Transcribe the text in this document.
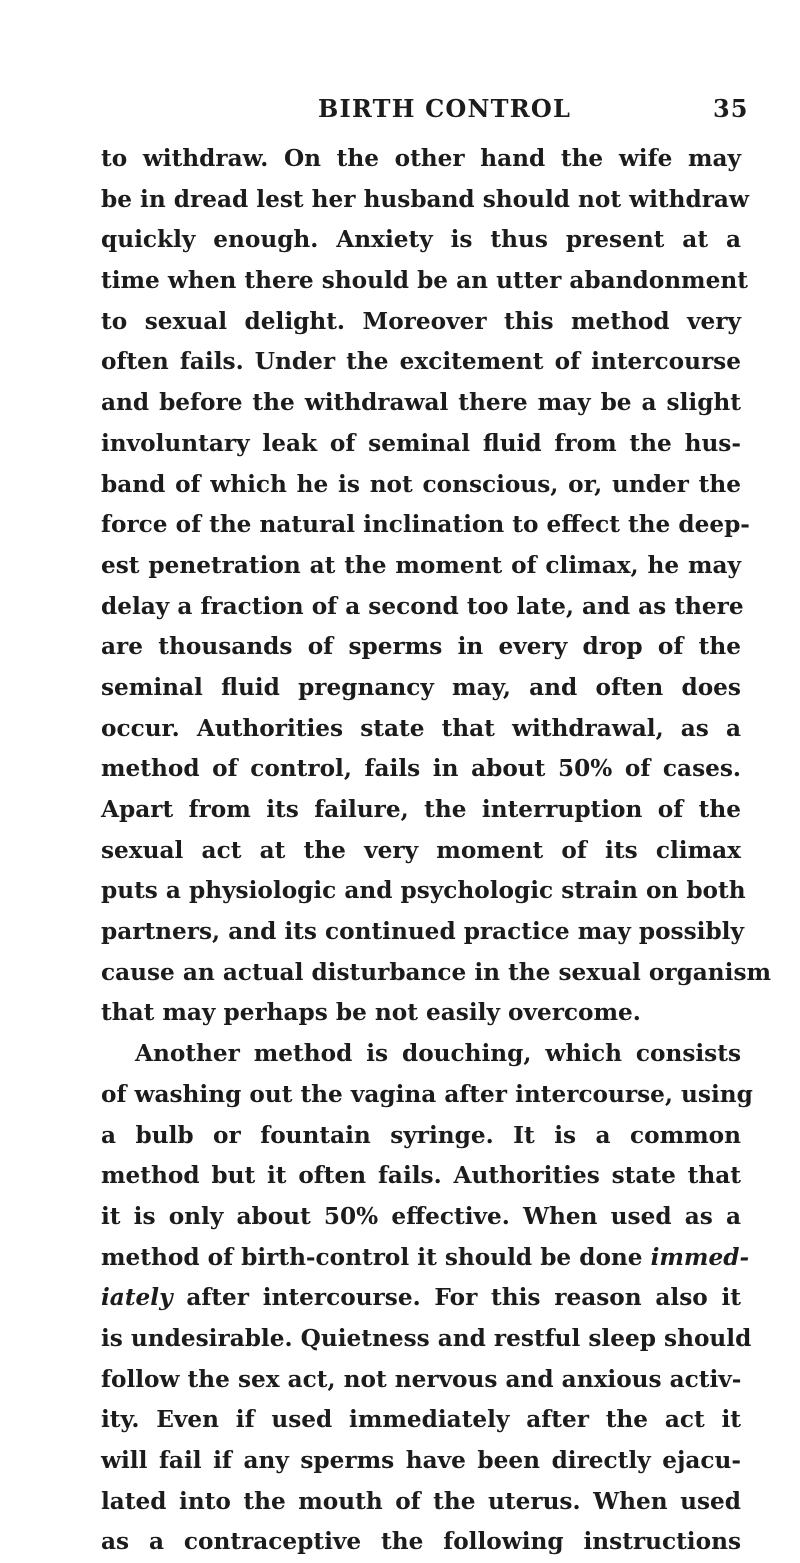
BIRTH CONTROL	35
to withdraw. On the other hand the wife may
be in dread lest her husband should not withdraw
quickly enough. Anxiety is thus present at a
time when there should be an utter abandonment
to sexual delight. Moreover this method very
often fails. Under the excitement of intercourse
and before the withdrawal there may be a slight
involuntary leak of seminal fluid from the hus-
band of which he is not conscious, or, under the
force of the natural inclination to effect the deep-
est penetration at the moment of climax, he may
delay a fraction of a second too late, and as there
are thousands of sperms in every drop of the
seminal fluid pregnancy may, and often does
occur. Authorities state that withdrawal, as a
method of control, fails in about 50% of cases.
Apart from its failure, the interruption of the
sexual act at the very moment of its climax
puts a physiologic and psychologic strain on both
partners, and its continued practice may possibly
cause an actual disturbance in the sexual organism
that may perhaps be not easily overcome.
Another method is douching, which consists
of washing out the vagina after intercourse, using
a bulb or fountain syringe. It is a common
method but it often fails. Authorities state that
it is only about 50% effective. When used as a
method of birth-control it should be done immed-
iately after intercourse. For this reason also it
is undesirable. Quietness and restful sleep should
follow the sex act, not nervous and anxious activ-
ity. Even if used immediately after the act it
will fail if any sperms have been directly ejacu-
lated into the mouth of the uterus. When used
as a contraceptive the following instructions
